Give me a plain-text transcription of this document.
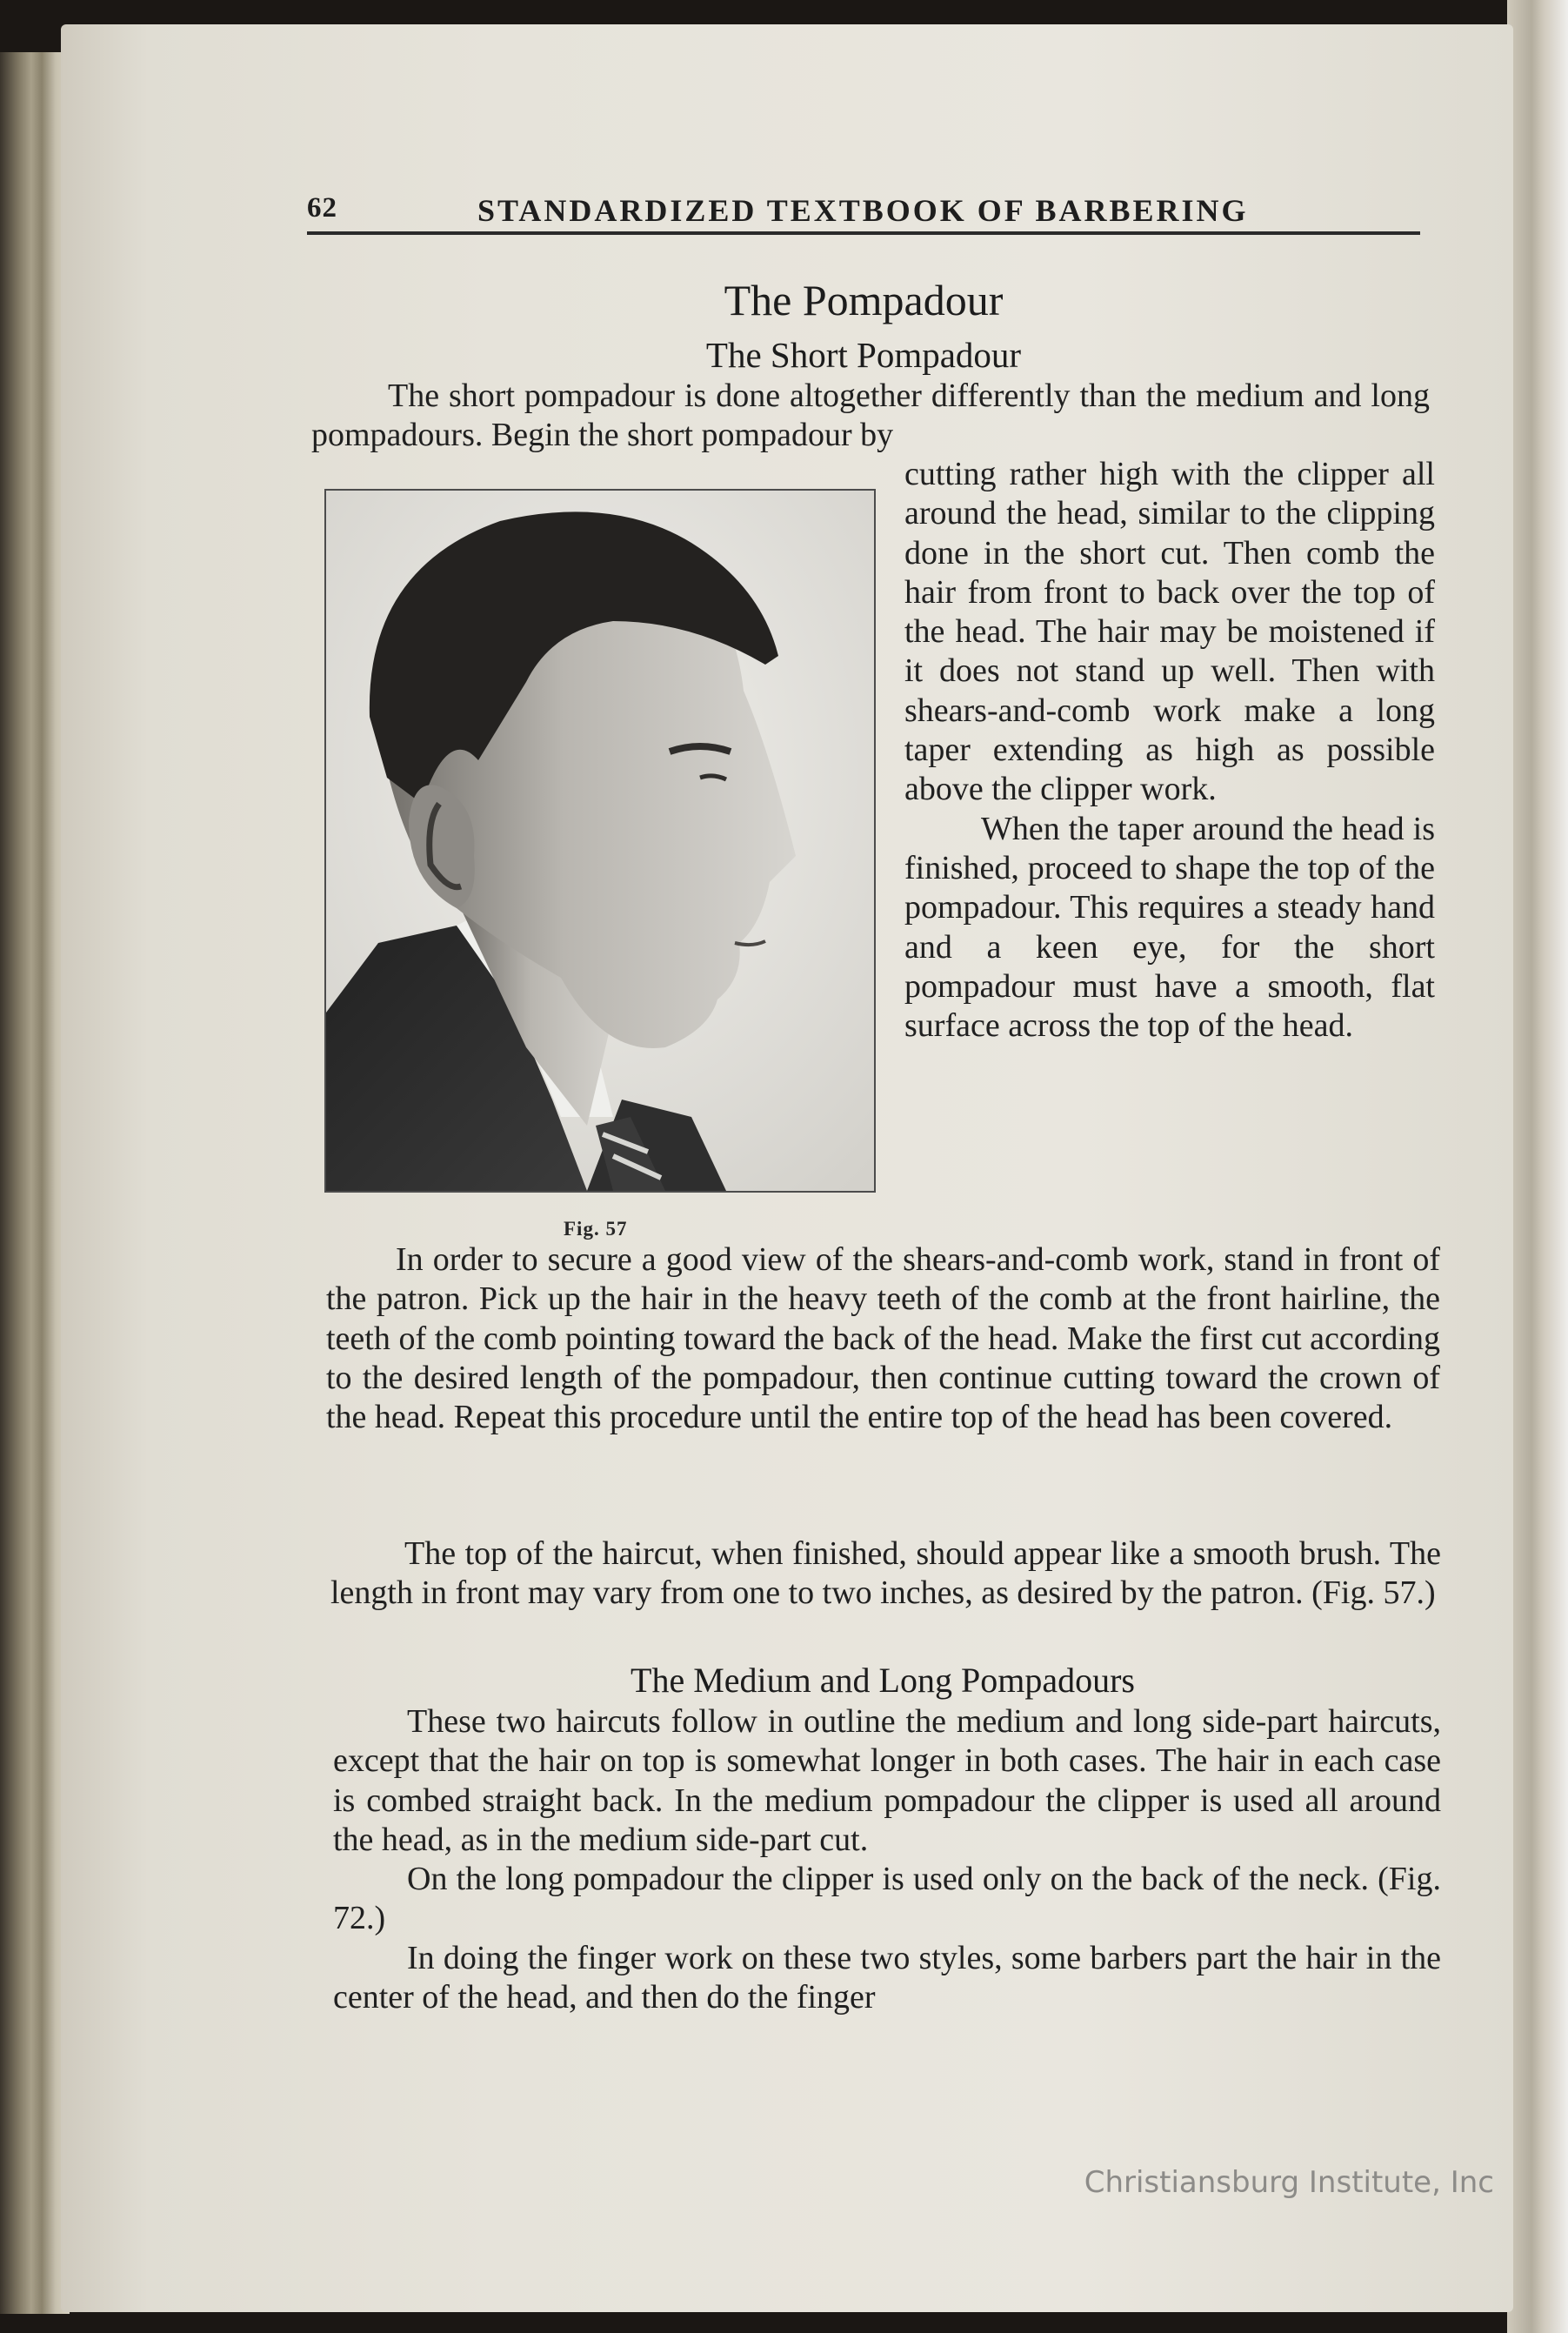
62	STANDARDIZED TEXTBOOK OF BARBERING
The Pompadour
The Short Pompadour

The short pompadour is done altogether differently than the medium and long pompadours. Begin the short pompadour by

Fig. 57

cutting rather high with the clipper all around the head, similar to the clipping done in the short cut. Then comb the hair from front to back over the top of the head. The hair may be moistened if it does not stand up well. Then with shears-and-comb work make a long taper extending as high as possible above the clipper work.

When the taper around the head is finished, proceed to shape the top of the pompadour. This requires a steady hand and a keen eye, for the short pompadour must have a smooth, flat surface across the top of the head.

In order to secure a good view of the shears-and-comb work, stand in front of the patron. Pick up the hair in the heavy teeth of the comb at the front hairline, the teeth of the comb pointing toward the back of the head. Make the first cut according to the desired length of the pompadour, then continue cutting toward the crown of the head. Repeat this procedure until the entire top of the head has been covered.

The top of the haircut, when finished, should appear like a smooth brush. The length in front may vary from one to two inches, as desired by the patron. (Fig. 57.)

The Medium and Long Pompadours

These two haircuts follow in outline the medium and long side-part haircuts, except that the hair on top is somewhat longer in both cases. The hair in each case is combed straight back. In the medium pompadour the clipper is used all around the head, as in the medium side-part cut.

On the long pompadour the clipper is used only on the back of the neck. (Fig. 72.)

In doing the finger work on these two styles, some barbers part the hair in the center of the head, and then do the finger

Christiansburg Institute, Inc
